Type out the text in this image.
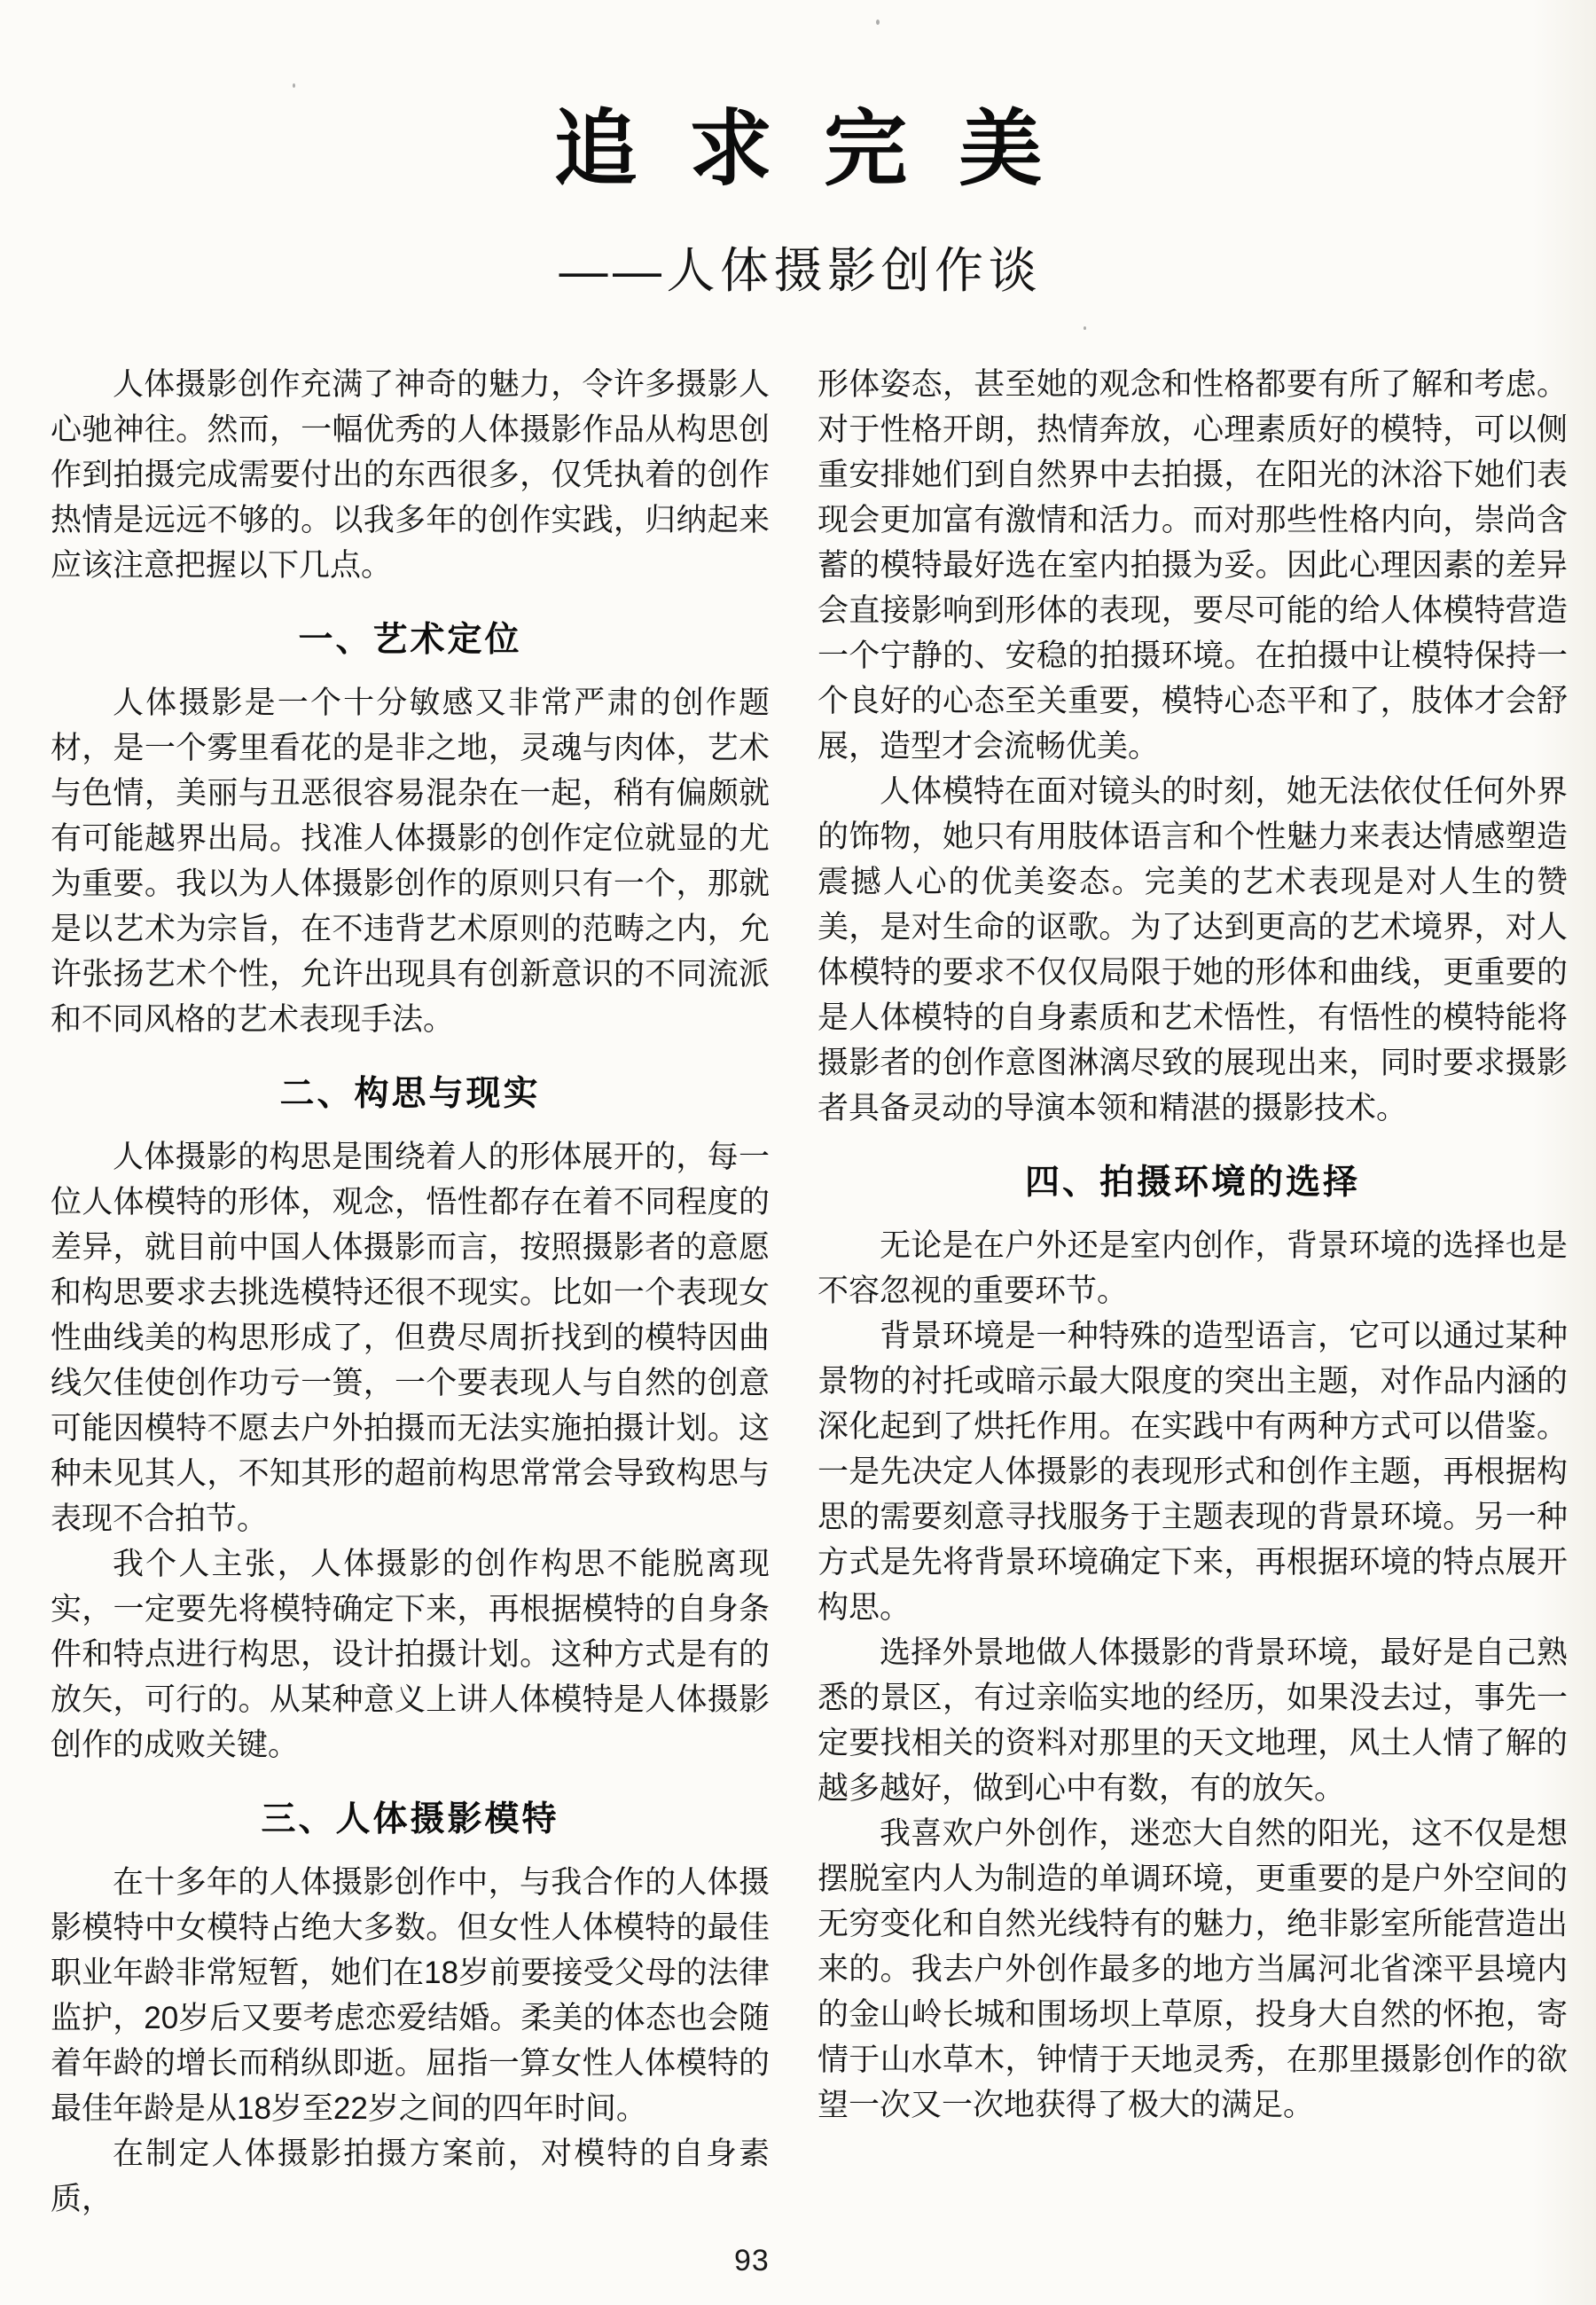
追求完美
——人体摄影创作谈

人体摄影创作充满了神奇的魅力，令许多摄影人心驰神往。然而，一幅优秀的人体摄影作品从构思创作到拍摄完成需要付出的东西很多，仅凭执着的创作热情是远远不够的。以我多年的创作实践，归纳起来应该注意把握以下几点。

一、艺术定位

人体摄影是一个十分敏感又非常严肃的创作题材，是一个雾里看花的是非之地，灵魂与肉体，艺术与色情，美丽与丑恶很容易混杂在一起，稍有偏颇就有可能越界出局。找准人体摄影的创作定位就显的尤为重要。我以为人体摄影创作的原则只有一个，那就是以艺术为宗旨，在不违背艺术原则的范畴之内，允许张扬艺术个性，允许出现具有创新意识的不同流派和不同风格的艺术表现手法。

二、构思与现实

人体摄影的构思是围绕着人的形体展开的，每一位人体模特的形体，观念，悟性都存在着不同程度的差异，就目前中国人体摄影而言，按照摄影者的意愿和构思要求去挑选模特还很不现实。比如一个表现女性曲线美的构思形成了，但费尽周折找到的模特因曲线欠佳使创作功亏一篑，一个要表现人与自然的创意可能因模特不愿去户外拍摄而无法实施拍摄计划。这种未见其人，不知其形的超前构思常常会导致构思与表现不合拍节。

我个人主张，人体摄影的创作构思不能脱离现实，一定要先将模特确定下来，再根据模特的自身条件和特点进行构思，设计拍摄计划。这种方式是有的放矢，可行的。从某种意义上讲人体模特是人体摄影创作的成败关键。

三、人体摄影模特

在十多年的人体摄影创作中，与我合作的人体摄影模特中女模特占绝大多数。但女性人体模特的最佳职业年龄非常短暂，她们在18岁前要接受父母的法律监护，20岁后又要考虑恋爱结婚。柔美的体态也会随着年龄的增长而稍纵即逝。屈指一算女性人体模特的最佳年龄是从18岁至22岁之间的四年时间。

在制定人体摄影拍摄方案前，对模特的自身素质，

形体姿态，甚至她的观念和性格都要有所了解和考虑。对于性格开朗，热情奔放，心理素质好的模特，可以侧重安排她们到自然界中去拍摄，在阳光的沐浴下她们表现会更加富有激情和活力。而对那些性格内向，崇尚含蓄的模特最好选在室内拍摄为妥。因此心理因素的差异会直接影响到形体的表现，要尽可能的给人体模特营造一个宁静的、安稳的拍摄环境。在拍摄中让模特保持一个良好的心态至关重要，模特心态平和了，肢体才会舒展，造型才会流畅优美。

人体模特在面对镜头的时刻，她无法依仗任何外界的饰物，她只有用肢体语言和个性魅力来表达情感塑造震撼人心的优美姿态。完美的艺术表现是对人生的赞美，是对生命的讴歌。为了达到更高的艺术境界，对人体模特的要求不仅仅局限于她的形体和曲线，更重要的是人体模特的自身素质和艺术悟性，有悟性的模特能将摄影者的创作意图淋漓尽致的展现出来，同时要求摄影者具备灵动的导演本领和精湛的摄影技术。

四、拍摄环境的选择

无论是在户外还是室内创作，背景环境的选择也是不容忽视的重要环节。

背景环境是一种特殊的造型语言，它可以通过某种景物的衬托或暗示最大限度的突出主题，对作品内涵的深化起到了烘托作用。在实践中有两种方式可以借鉴。一是先决定人体摄影的表现形式和创作主题，再根据构思的需要刻意寻找服务于主题表现的背景环境。另一种方式是先将背景环境确定下来，再根据环境的特点展开构思。

选择外景地做人体摄影的背景环境，最好是自己熟悉的景区，有过亲临实地的经历，如果没去过，事先一定要找相关的资料对那里的天文地理，风土人情了解的越多越好，做到心中有数，有的放矢。

我喜欢户外创作，迷恋大自然的阳光，这不仅是想摆脱室内人为制造的单调环境，更重要的是户外空间的无穷变化和自然光线特有的魅力，绝非影室所能营造出来的。我去户外创作最多的地方当属河北省滦平县境内的金山岭长城和围场坝上草原，投身大自然的怀抱，寄情于山水草木，钟情于天地灵秀，在那里摄影创作的欲望一次又一次地获得了极大的满足。

93
